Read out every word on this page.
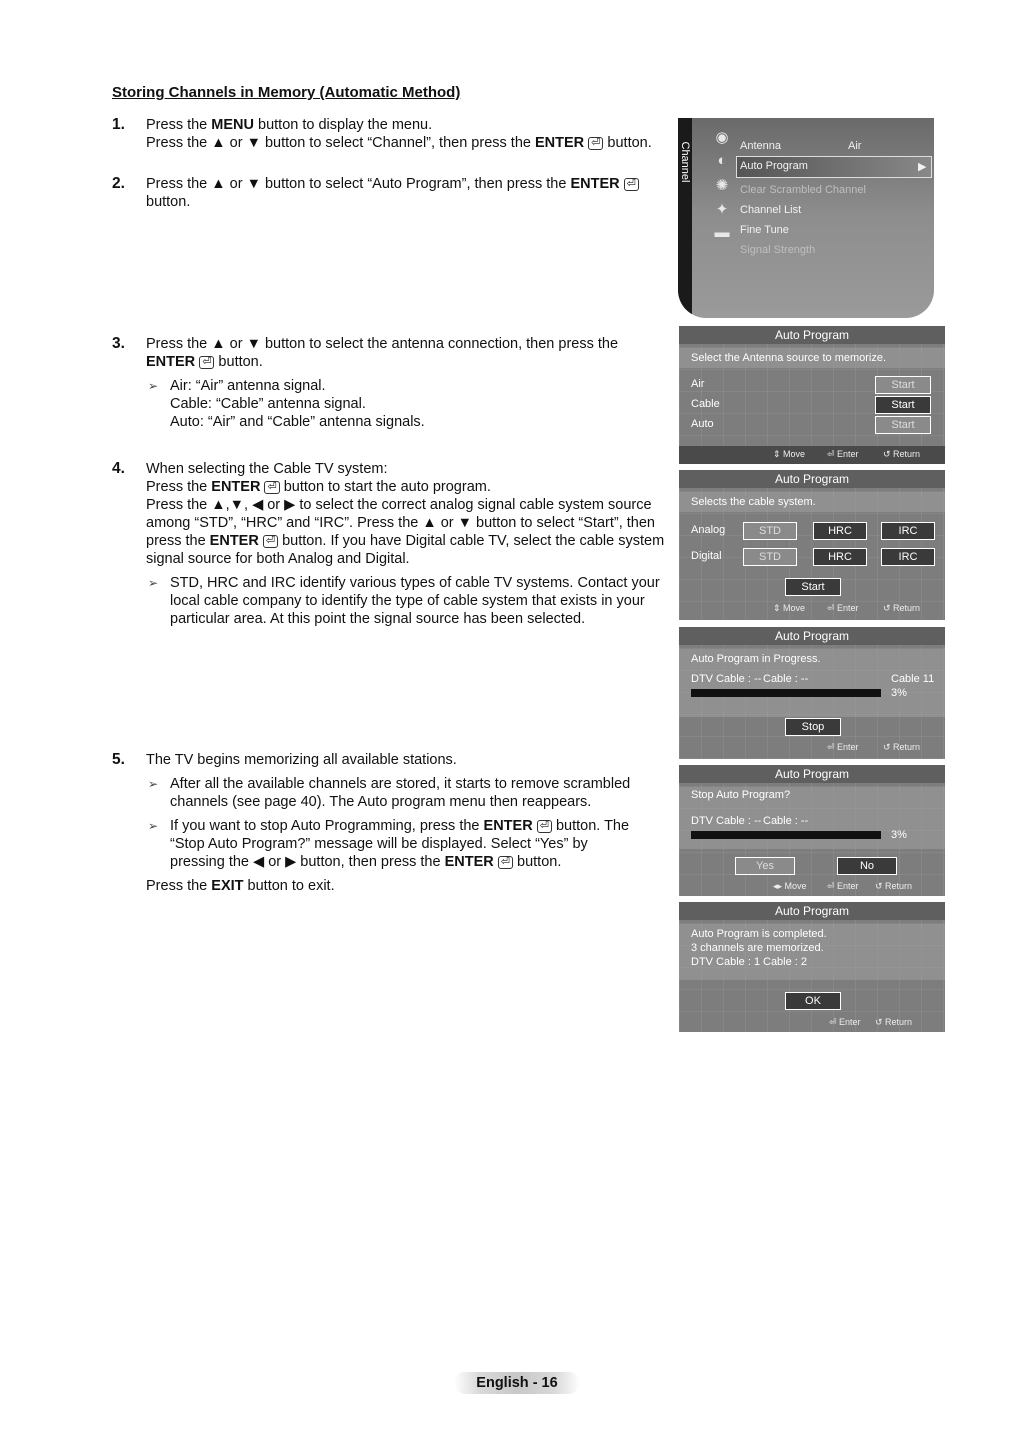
Storing Channels in Memory (Automatic Method)
1. Press the MENU button to display the menu.
Press the ▲ or ▼ button to select “Channel”, then press the ENTER ⏎ button.
2. Press the ▲ or ▼ button to select “Auto Program”, then press the ENTER ⏎ button.
3. Press the ▲ or ▼ button to select the antenna connection, then press the ENTER ⏎ button.
➢ Air: “Air” antenna signal.
Cable: “Cable” antenna signal.
Auto: “Air” and “Cable” antenna signals.
4. When selecting the Cable TV system:
Press the ENTER ⏎ button to start the auto program.
Press the ▲,▼, ◀ or ▶ to select the correct analog signal cable system source among “STD”, “HRC” and “IRC”. Press the ▲ or ▼ button to select “Start”, then press the ENTER ⏎ button. If you have Digital cable TV, select the cable system signal source for both Analog and Digital.
➢ STD, HRC and IRC identify various types of cable TV systems. Contact your local cable company to identify the type of cable system that exists in your particular area. At this point the signal source has been selected.
5. The TV begins memorizing all available stations.
➢ After all the available channels are stored, it starts to remove scrambled channels (see page 40). The Auto program menu then reappears.
➢ If you want to stop Auto Programming, press the ENTER ⏎ button. The “Stop Auto Program?” message will be displayed. Select “Yes” by pressing the ◀ or ▶ button, then press the ENTER ⏎ button.
Press the EXIT button to exit.
Channel
◉
◐
✺
✦
▬
Antenna	Air
Auto Program	▶
Clear Scrambled Channel
Channel List
Fine Tune
Signal Strength
Auto Program
Select the Antenna source to memorize.
Air	Start
Cable	Start
Auto	Start
⇕ Move ⏎ Enter	↺ Return
Auto Program
Selects the cable system.
Analog	STD	HRC	IRC
Digital	STD	HRC	IRC
Start
⇕ Move ⏎ Enter	↺ Return
Auto Program
Auto Program in Progress.
DTV Cable : -- Cable : --	Cable 11
3%
Stop
⏎ Enter	↺ Return
Auto Program
Stop Auto Program?
DTV Cable : -- Cable : --
3%
Yes	No
◂▸ Move ⏎ Enter ↺ Return
Auto Program
Auto Program is completed.
3 channels are memorized.
DTV Cable : 1 Cable : 2
OK
⏎ Enter ↺ Return
English - 16
